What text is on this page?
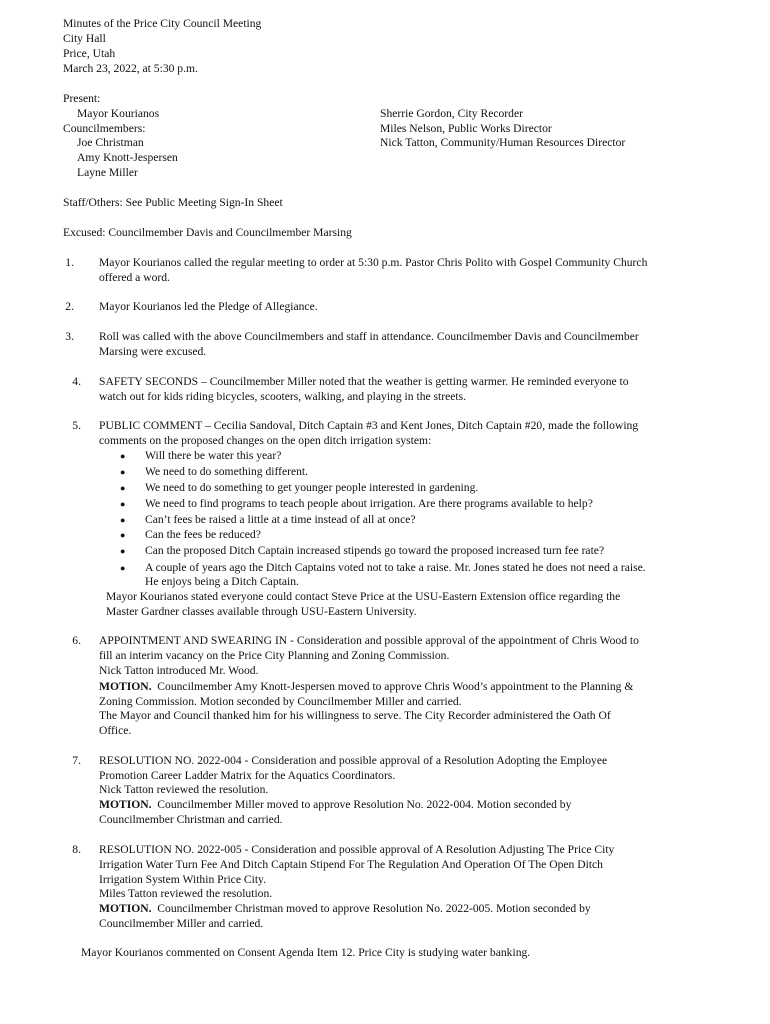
Minutes of the Price City Council Meeting
City Hall
Price, Utah
March 23, 2022, at 5:30 p.m.
Present:
Mayor Kourianos
Councilmembers:
Joe Christman
Amy Knott-Jespersen
Layne Miller
Sherrie Gordon, City Recorder
Miles Nelson, Public Works Director
Nick Tatton, Community/Human Resources Director
Staff/Others: See Public Meeting Sign-In Sheet
Excused: Councilmember Davis and Councilmember Marsing
1. Mayor Kourianos called the regular meeting to order at 5:30 p.m. Pastor Chris Polito with Gospel Community Church
offered a word.
2. Mayor Kourianos led the Pledge of Allegiance.
3. Roll was called with the above Councilmembers and staff in attendance. Councilmember Davis and Councilmember
Marsing were excused.
4. SAFETY SECONDS – Councilmember Miller noted that the weather is getting warmer. He reminded everyone to
watch out for kids riding bicycles, scooters, walking, and playing in the streets.
5. PUBLIC COMMENT – Cecilia Sandoval, Ditch Captain #3 and Kent Jones, Ditch Captain #20, made the following
comments on the proposed changes on the open ditch irrigation system:
● Will there be water this year?
● We need to do something different.
● We need to do something to get younger people interested in gardening.
● We need to find programs to teach people about irrigation. Are there programs available to help?
● Can’t fees be raised a little at a time instead of all at once?
● Can the fees be reduced?
● Can the proposed Ditch Captain increased stipends go toward the proposed increased turn fee rate?
● A couple of years ago the Ditch Captains voted not to take a raise. Mr. Jones stated he does not need a raise.
He enjoys being a Ditch Captain.
Mayor Kourianos stated everyone could contact Steve Price at the USU-Eastern Extension office regarding the
Master Gardner classes available through USU-Eastern University.
6. APPOINTMENT AND SWEARING IN - Consideration and possible approval of the appointment of Chris Wood to
fill an interim vacancy on the Price City Planning and Zoning Commission.
Nick Tatton introduced Mr. Wood.
MOTION. Councilmember Amy Knott-Jespersen moved to approve Chris Wood’s appointment to the Planning &
Zoning Commission. Motion seconded by Councilmember Miller and carried.
The Mayor and Council thanked him for his willingness to serve. The City Recorder administered the Oath Of
Office.
7. RESOLUTION NO. 2022-004 - Consideration and possible approval of a Resolution Adopting the Employee
Promotion Career Ladder Matrix for the Aquatics Coordinators.
Nick Tatton reviewed the resolution.
MOTION. Councilmember Miller moved to approve Resolution No. 2022-004. Motion seconded by
Councilmember Christman and carried.
8. RESOLUTION NO. 2022-005 - Consideration and possible approval of A Resolution Adjusting The Price City
Irrigation Water Turn Fee And Ditch Captain Stipend For The Regulation And Operation Of The Open Ditch
Irrigation System Within Price City.
Miles Tatton reviewed the resolution.
MOTION. Councilmember Christman moved to approve Resolution No. 2022-005. Motion seconded by
Councilmember Miller and carried.
Mayor Kourianos commented on Consent Agenda Item 12. Price City is studying water banking.
